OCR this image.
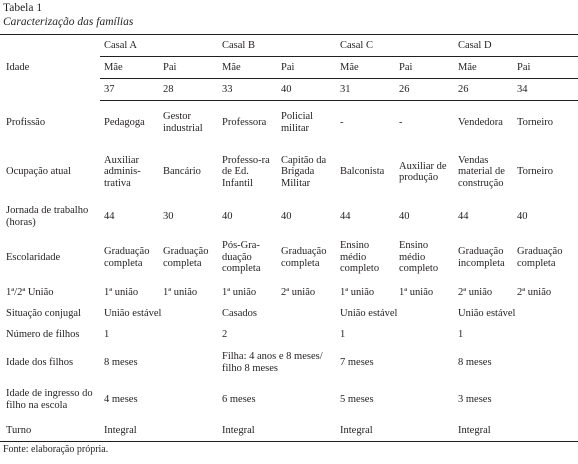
Tabela 1
Caracterização das famílias
Idade	Casal A		Casal B		Casal C		Casal D	
	Mãe	Pai	Mãe	Pai	Mãe	Pai	Mãe	Pai
	37	28	33	40	31	26	26	34
Profissão	Pedagoga	Gestor industrial	Professora	Policial militar	-	-	Vendedora	Torneiro
Ocupação atual	Auxiliar adminis-trativa	Bancário	Professo-ra de Ed. Infantil	Capitão da Brigada Militar	Balconista	Auxiliar de produção	Vendas material de construção	Torneiro
Jornada de trabalho (horas)	44	30	40	40	44	40	44	40
Escolaridade	Graduação completa	Graduação completa	Pós-Gra-duação completa	Graduação completa	Ensino médio completo	Ensino médio completo	Graduação incompleta	Graduação completa
1ª/2ª União	1ª união	1ª união	1ª união	2ª união	1ª união	1ª união	2ª união	2ª união
Situação conjugal	União estável		Casados		União estável		União estável	
Número de filhos	1		2		1		1	
Idade dos filhos	8 meses		Filha: 4 anos e 8 meses/ filho 8 meses		7 meses		8 meses	
Idade de ingresso do filho na escola	4 meses		6 meses		5 meses		3 meses	
Turno	Integral		Integral		Integral		Integral	
Fonte: elaboração própria.
